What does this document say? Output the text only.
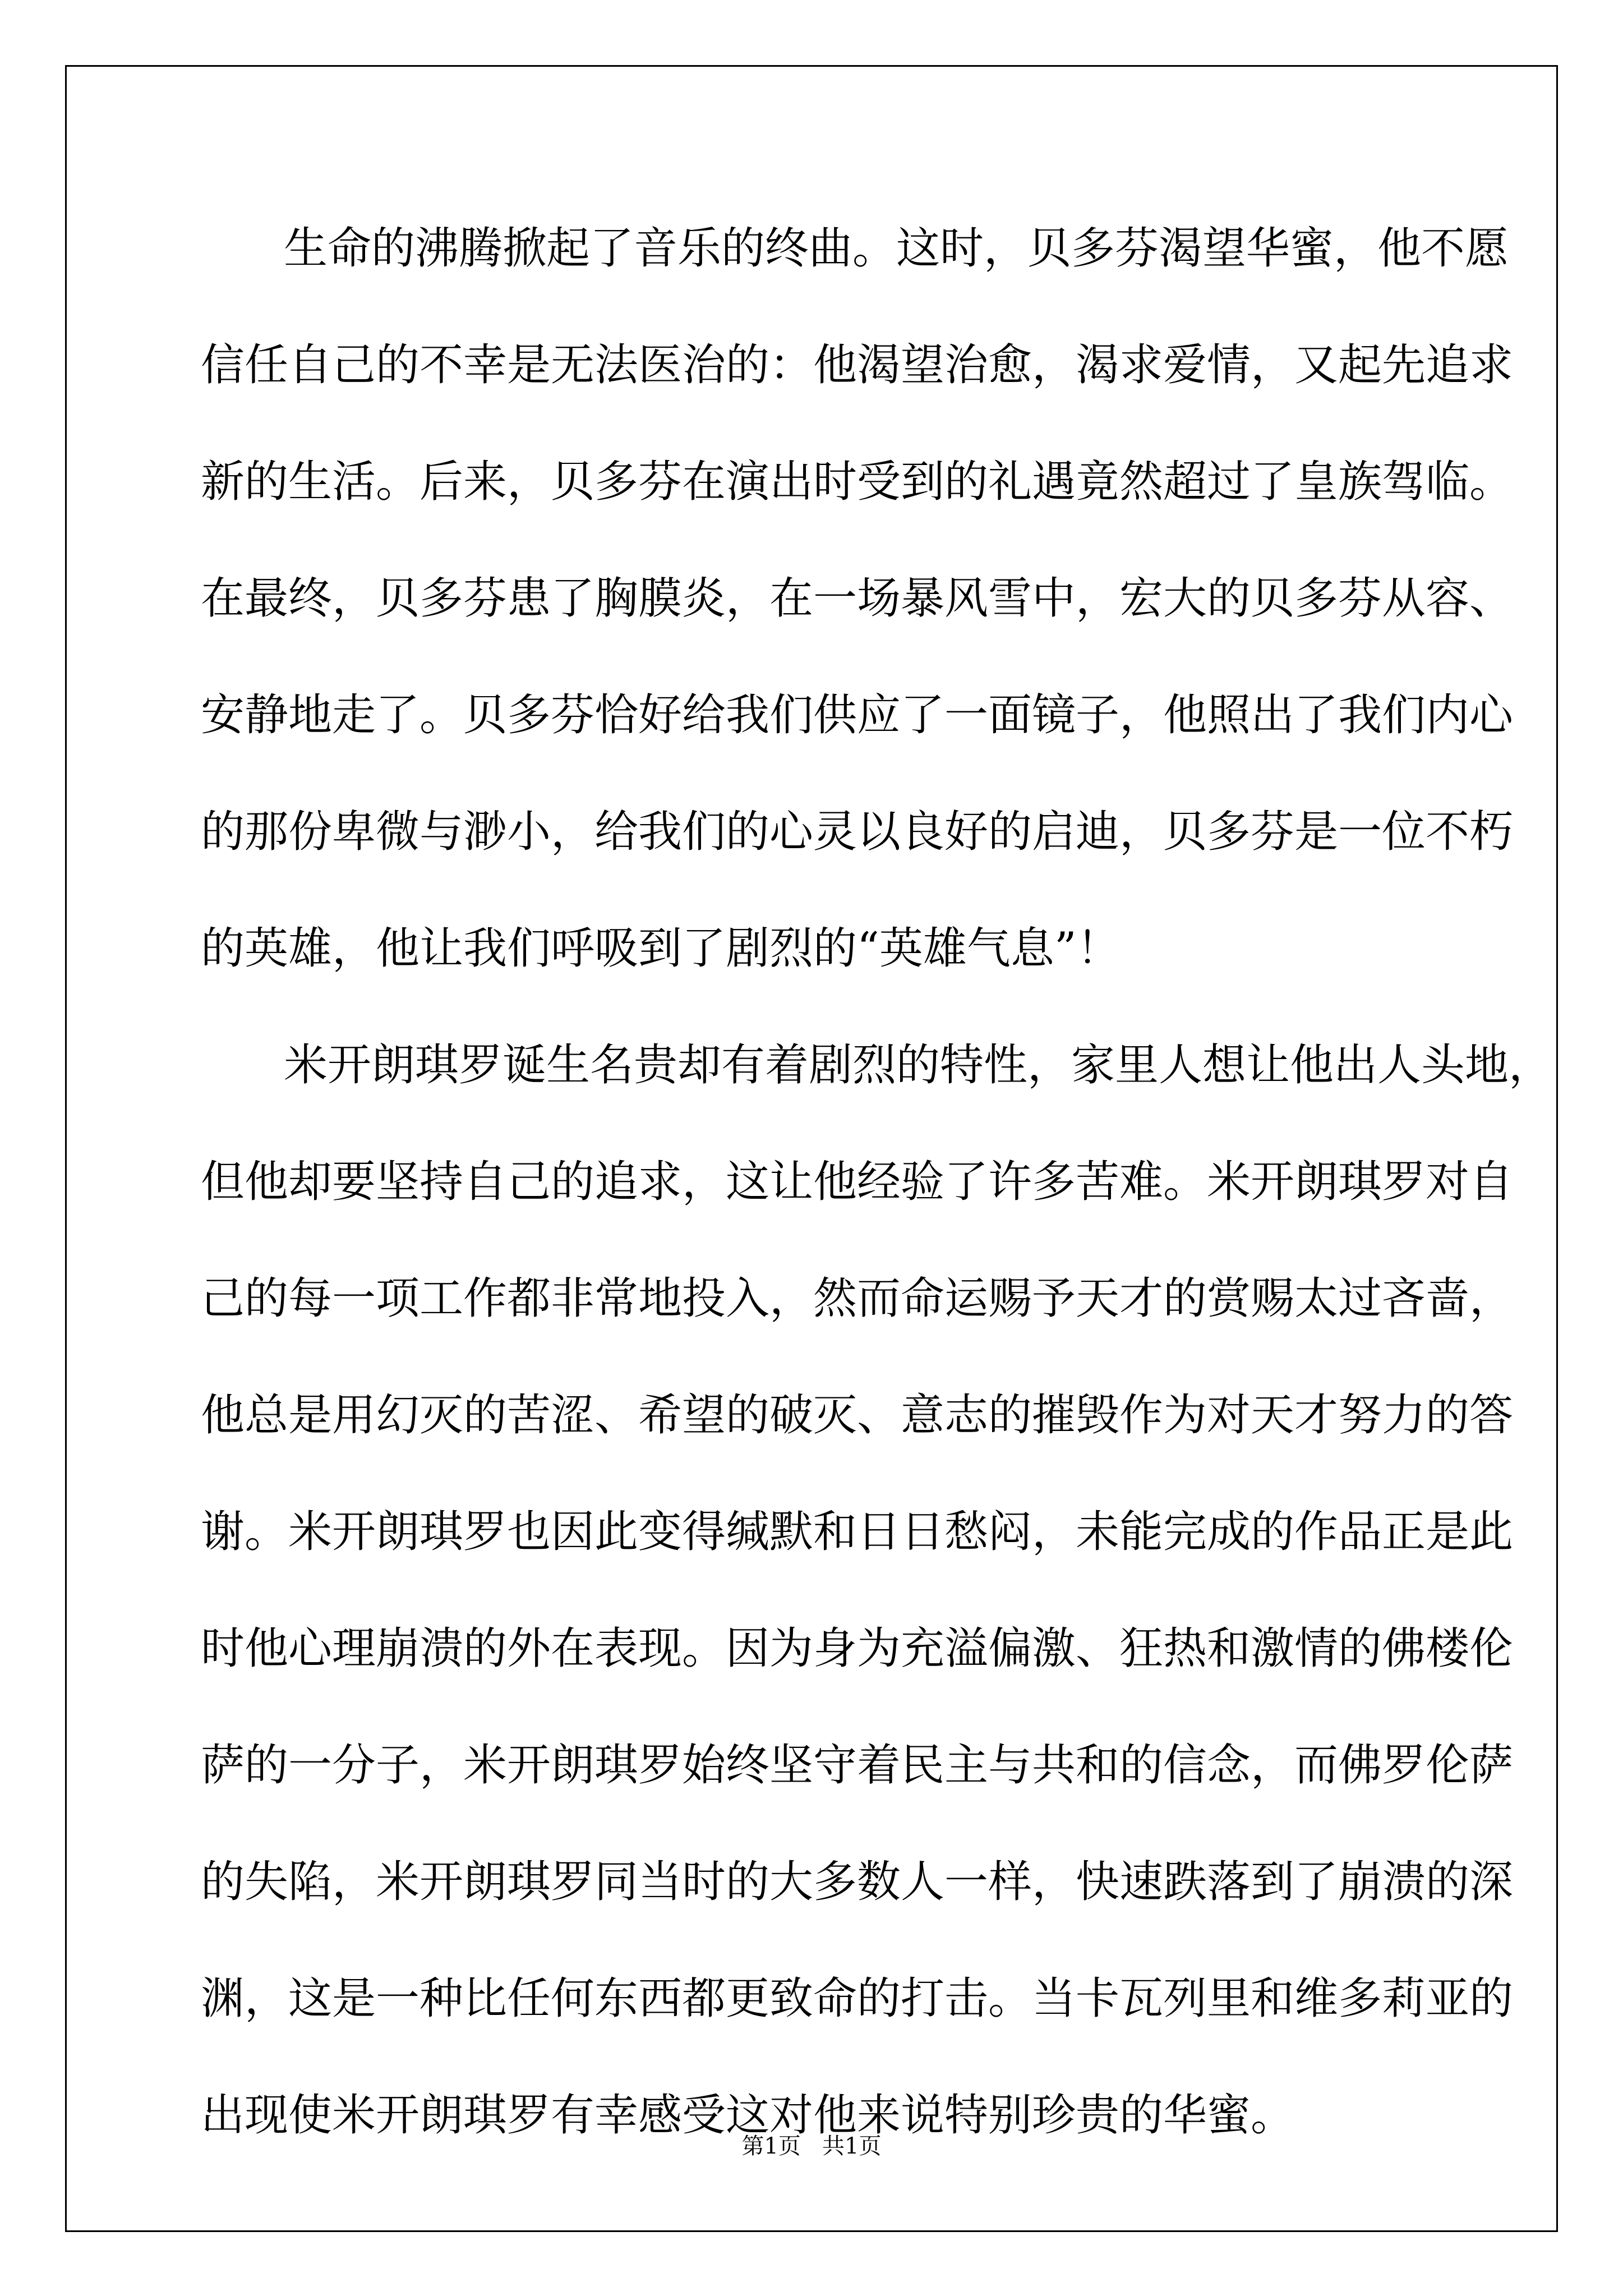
生命的沸腾掀起了音乐的终曲。这时，贝多芬渴望华蜜，他不愿

信任自己的不幸是无法医治的：他渴望治愈，渴求爱情，又起先追求

新的生活。后来，贝多芬在演出时受到的礼遇竟然超过了皇族驾临。

在最终，贝多芬患了胸膜炎，在一场暴风雪中，宏大的贝多芬从容、

安静地走了。贝多芬恰好给我们供应了一面镜子，他照出了我们内心

的那份卑微与渺小，给我们的心灵以良好的启迪，贝多芬是一位不朽

的英雄，他让我们呼吸到了剧烈的“英雄气息”！

米开朗琪罗诞生名贵却有着剧烈的特性，家里人想让他出人头地，

但他却要坚持自己的追求，这让他经验了许多苦难。米开朗琪罗对自

己的每一项工作都非常地投入，然而命运赐予天才的赏赐太过吝啬，

他总是用幻灭的苦涩、希望的破灭、意志的摧毁作为对天才努力的答

谢。米开朗琪罗也因此变得缄默和日日愁闷，未能完成的作品正是此

时他心理崩溃的外在表现。因为身为充溢偏激、狂热和激情的佛楼伦

萨的一分子，米开朗琪罗始终坚守着民主与共和的信念，而佛罗伦萨

的失陷，米开朗琪罗同当时的大多数人一样，快速跌落到了崩溃的深

渊，这是一种比任何东西都更致命的打击。当卡瓦列里和维多莉亚的

出现使米开朗琪罗有幸感受这对他来说特别珍贵的华蜜。

第1页   共1页
